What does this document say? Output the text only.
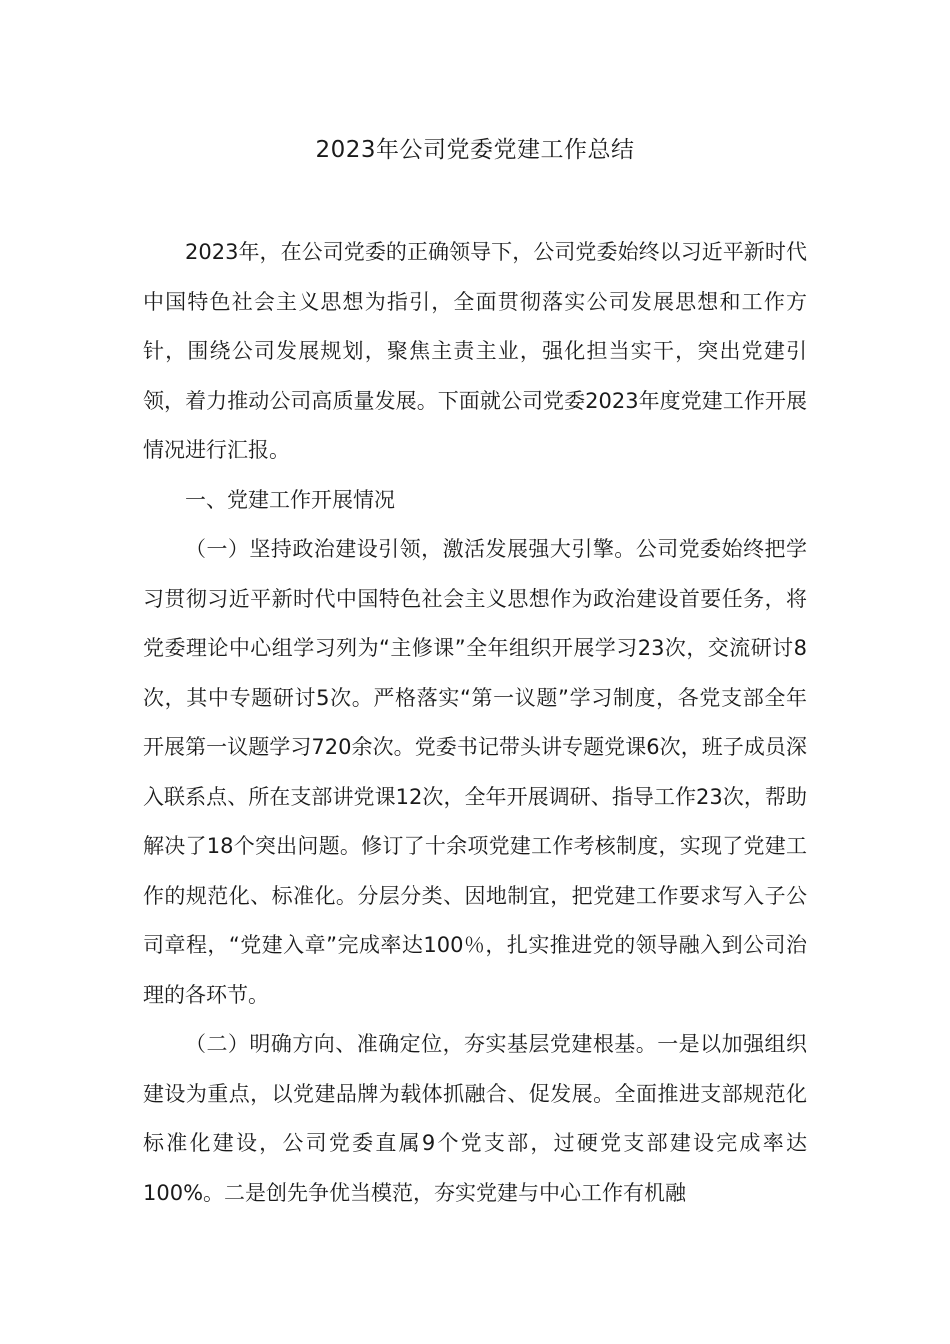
2023年公司党委党建工作总结

2023年，在公司党委的正确领导下，公司党委始终以习近平新时代中国特色社会主义思想为指引，全面贯彻落实公司发展思想和工作方针，围绕公司发展规划，聚焦主责主业，强化担当实干，突出党建引领，着力推动公司高质量发展。下面就公司党委2023年度党建工作开展情况进行汇报。

一、党建工作开展情况

（一）坚持政治建设引领，激活发展强大引擎。公司党委始终把学习贯彻习近平新时代中国特色社会主义思想作为政治建设首要任务，将党委理论中心组学习列为“主修课”全年组织开展学习23次，交流研讨8次，其中专题研讨5次。严格落实“第一议题”学习制度，各党支部全年开展第一议题学习720余次。党委书记带头讲专题党课6次，班子成员深入联系点、所在支部讲党课12次，全年开展调研、指导工作23次，帮助解决了18个突出问题。修订了十余项党建工作考核制度，实现了党建工作的规范化、标准化。分层分类、因地制宜，把党建工作要求写入子公司章程，“党建入章”完成率达100％，扎实推进党的领导融入到公司治理的各环节。

（二）明确方向、准确定位，夯实基层党建根基。一是以加强组织建设为重点，以党建品牌为载体抓融合、促发展。全面推进支部规范化标准化建设，公司党委直属9个党支部，过硬党支部建设完成率达100%。二是创先争优当模范，夯实党建与中心工作有机融
